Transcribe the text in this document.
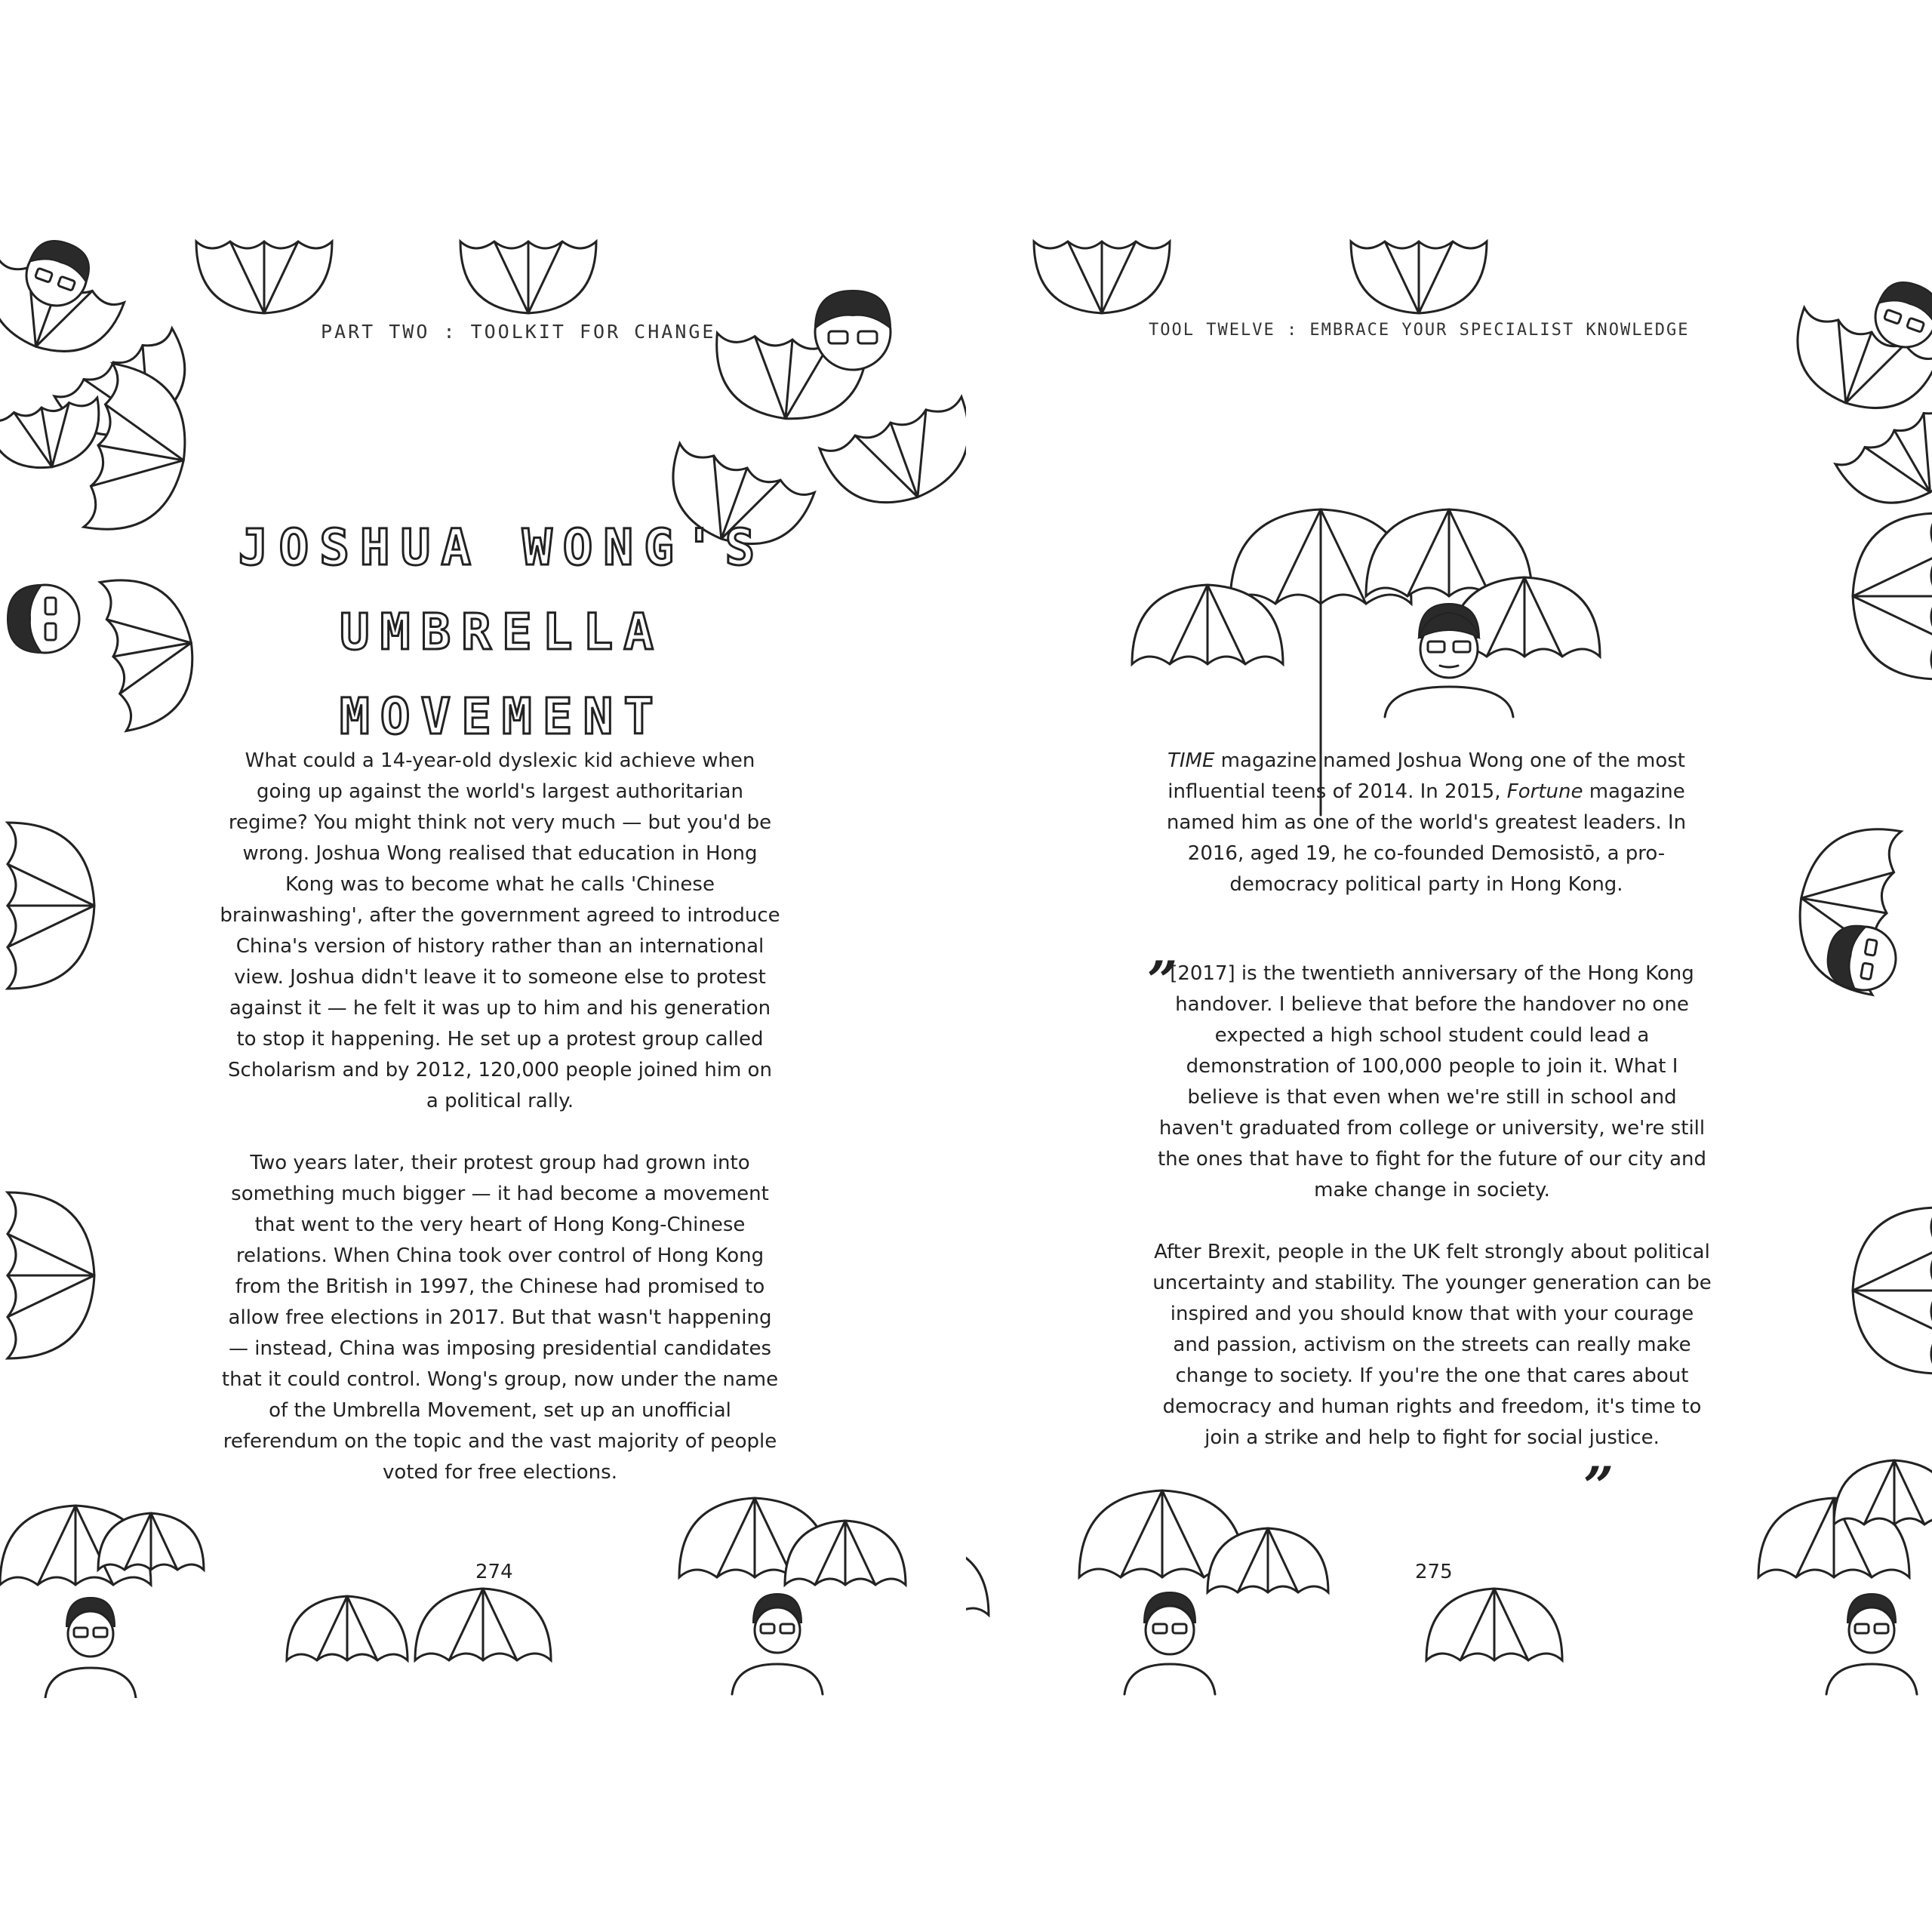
PART TWO : TOOLKIT FOR CHANGE
JOSHUA WONG'S
UMBRELLA MOVEMENT

What could a 14-year-old dyslexic kid achieve when going up against the world's largest authoritarian regime? You might think not very much — but you'd be wrong. Joshua Wong realised that education in Hong Kong was to become what he calls 'Chinese brainwashing', after the government agreed to introduce China's version of history rather than an international view. Joshua didn't leave it to someone else to protest against it — he felt it was up to him and his generation to stop it happening. He set up a protest group called Scholarism and by 2012, 120,000 people joined him on a political rally.

Two years later, their protest group had grown into something much bigger — it had become a movement that went to the very heart of Hong Kong-Chinese relations. When China took over control of Hong Kong from the British in 1997, the Chinese had promised to allow free elections in 2017. But that wasn't happening — instead, China was imposing presidential candidates that it could control. Wong's group, now under the name of the Umbrella Movement, set up an unofficial referendum on the topic and the vast majority of people voted for free elections.

274
TOOL TWELVE : EMBRACE YOUR SPECIALIST KNOWLEDGE

TIME magazine named Joshua Wong one of the most influential teens of 2014. In 2015, Fortune magazine named him as one of the world's greatest leaders. In 2016, aged 19, he co-founded Demosistō, a pro-democracy political party in Hong Kong.

”

[2017] is the twentieth anniversary of the Hong Kong handover. I believe that before the handover no one expected a high school student could lead a demonstration of 100,000 people to join it. What I believe is that even when we're still in school and haven't graduated from college or university, we're still the ones that have to fight for the future of our city and make change in society.

After Brexit, people in the UK felt strongly about political uncertainty and stability. The younger generation can be inspired and you should know that with your courage and passion, activism on the streets can really make change to society. If you're the one that cares about democracy and human rights and freedom, it's time to join a strike and help to fight for social justice.

”
275
